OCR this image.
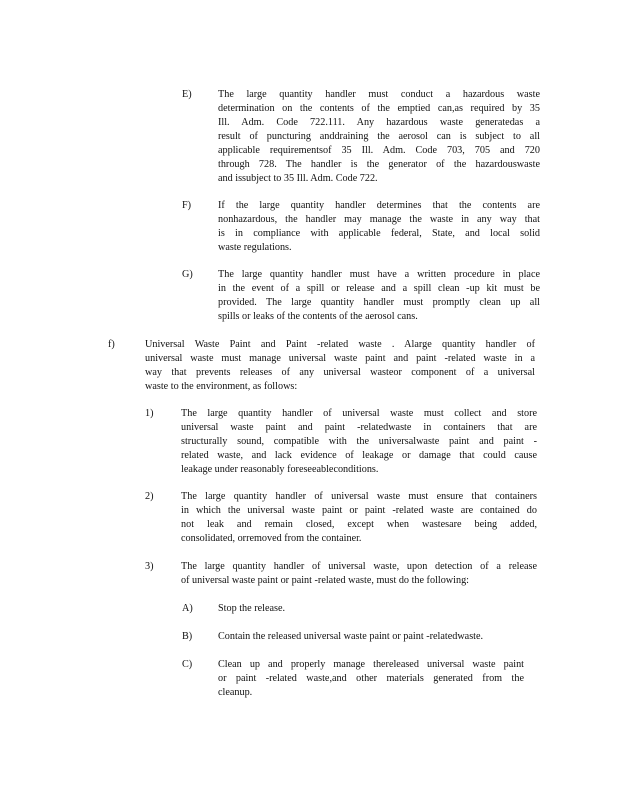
E)	The large quantity handler must conduct a hazardous waste

determination on the contents of the emptied can,as required by 35

Ill. Adm. Code 722.111. Any hazardous waste generatedas a

result of puncturing anddraining the aerosol can is subject to all

applicable requirementsof 35 Ill. Adm. Code 703, 705 and 720

through 728. The handler is the generator of the hazardouswaste

and issubject to 35 Ill. Adm. Code 722.

F)	If the large quantity handler determines that the contents are

nonhazardous, the handler may manage the waste in any way that

is in compliance with applicable federal, State, and local solid

waste regulations.

G) The large quantity handler must have a written procedure in place

in the event of a spill or release and a spill clean -up kit must be

provided. The large quantity handler must promptly clean up all

spills or leaks of the contents of the aerosol cans.

f)	Universal Waste Paint and Paint -related waste . Alarge quantity handler of

universal waste must manage universal waste paint and paint -related waste in a

way that prevents releases of any universal wasteor component of a universal

waste to the environment, as follows:

1)	The large quantity handler of universal waste must collect and store

universal waste paint and paint -relatedwaste in containers that are

structurally sound, compatible with the universalwaste paint and paint -

related waste, and lack evidence of leakage or damage that could cause

leakage under reasonably foreseeableconditions.

2)	The large quantity handler of universal waste must ensure that containers

in which the universal waste paint or paint -related waste are contained do

not leak and remain closed, except when wastesare being added,

consolidated, orremoved from the container.

3)	The large quantity handler of universal waste, upon detection of a release

of universal waste paint or paint -related waste, must do the following:

A) Stop the release.

B)	Contain the released universal waste paint or paint -relatedwaste.

C)	Clean up and properly manage thereleased universal waste paint

or paint -related waste,and other materials generated from the

cleanup.
